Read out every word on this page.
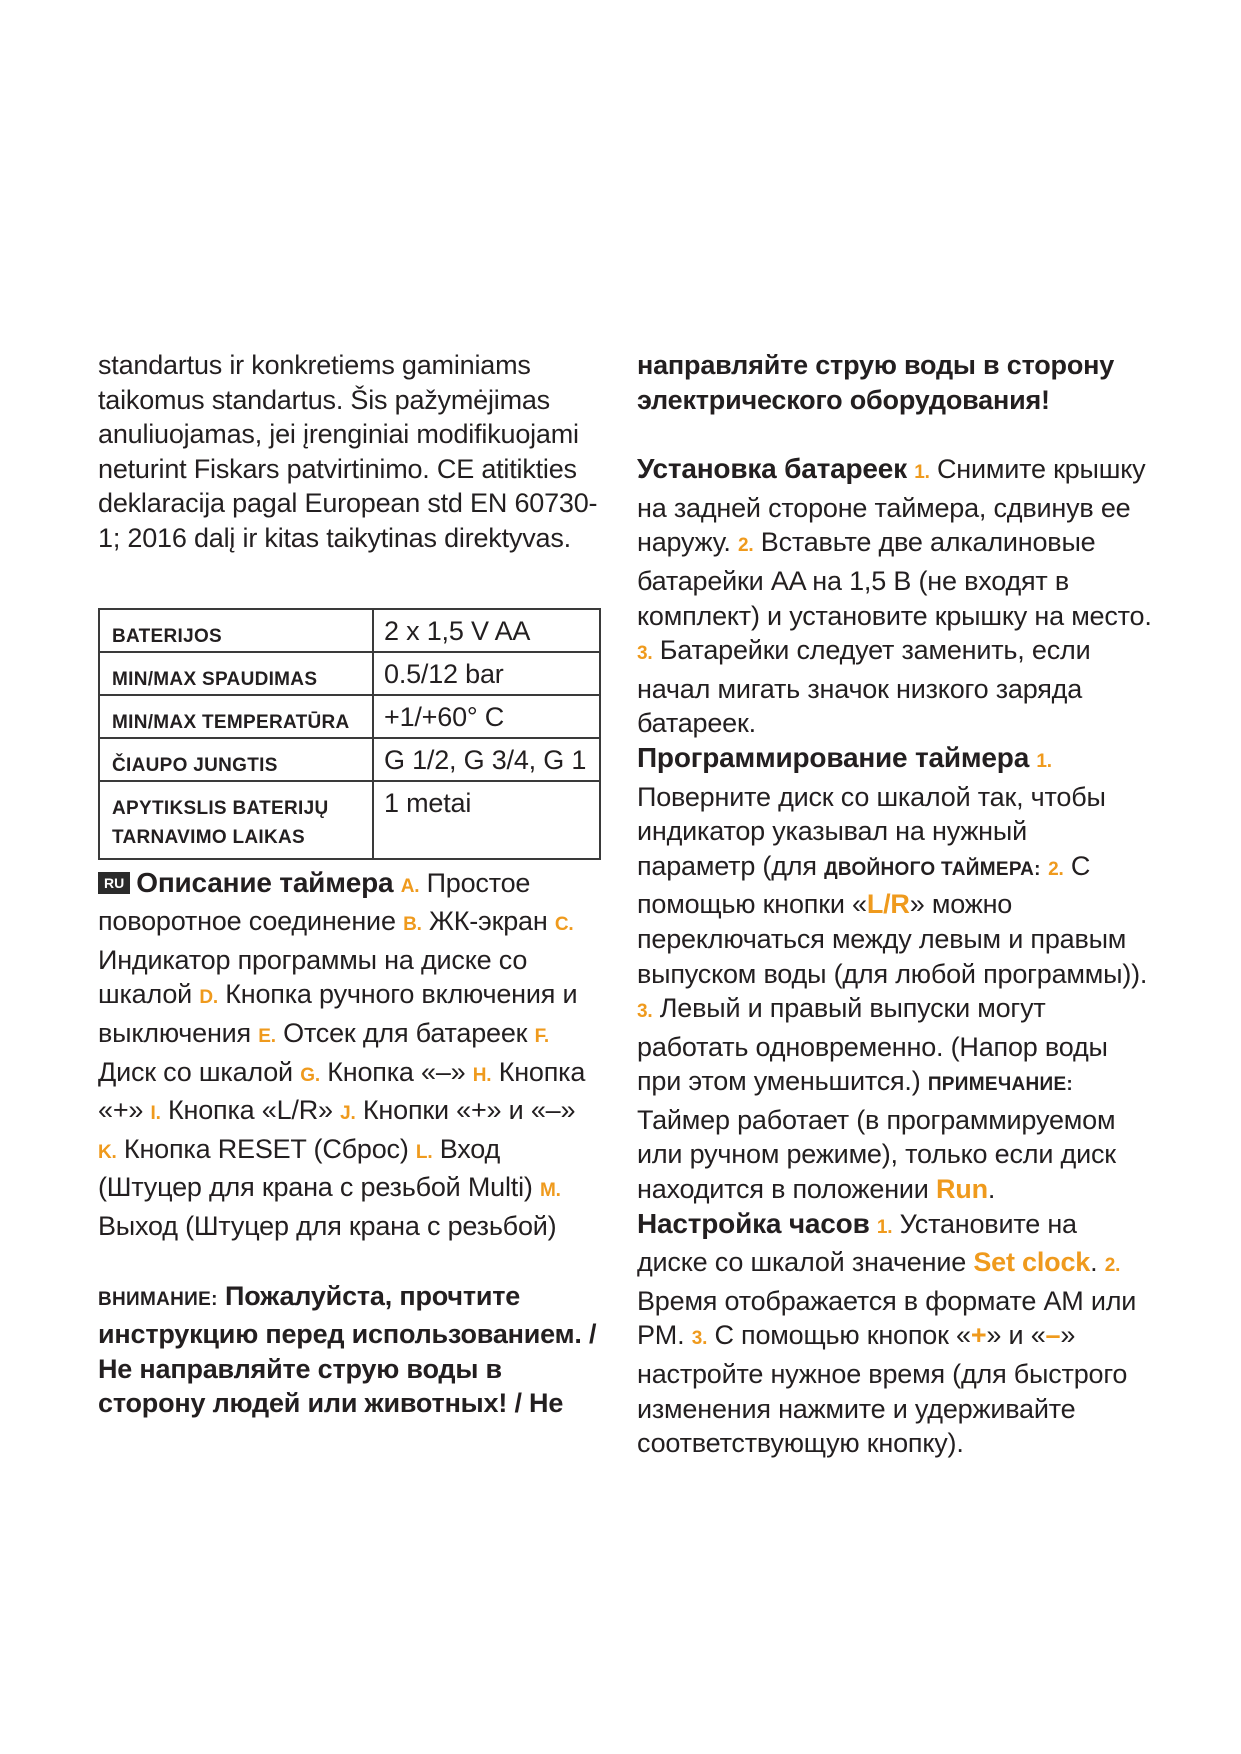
standartus ir konkretiems gaminiams taikomus standartus. Šis pažymėjimas anuliuojamas, jei įrenginiai modifikuojami neturint Fiskars patvirtinimo. CE atitikties deklaracija pagal European std EN 60730-1; 2016 dalį ir kitas taikytinas direktyvas.

BATERIJOS	2 x 1,5 V AA
MIN/MAX SPAUDIMAS	0.5/12 bar
MIN/MAX TEMPERATŪRA	+1/+60° C
ČIAUPO JUNGTIS	G 1/2, G 3/4, G 1
APYTIKSLIS BATERIJŲ TARNAVIMO LAIKAS	1 metai

RU Описание таймера A. Простое поворотное соединение B. ЖК-экран C. Индикатор программы на диске со шкалой D. Кнопка ручного включения и выключения E. Отсек для батареек F. Диск со шкалой G. Кнопка «–» H. Кнопка «+» I. Кнопка «L/R» J. Кнопки «+» и «–» K. Кнопка RESET (Сброс) L. Вход (Штуцер для крана с резьбой Multi) M. Выход (Штуцер для крана с резьбой)

ВНИМАНИЕ: Пожалуйста, прочтите инструкцию перед использованием. / Не направляйте струю воды в сторону людей или животных! / Не

направляйте струю воды в сторону электрического оборудования!

Установка батареек 1. Снимите крышку на задней стороне таймера, сдвинув ее наружу. 2. Вставьте две алкалиновые батарейки AA на 1,5 В (не входят в комплект) и установите крышку на место. 3. Батарейки следует заменить, если начал мигать значок низкого заряда батареек.

Программирование таймера 1. Поверните диск со шкалой так, чтобы индикатор указывал на нужный параметр (для ДВОЙНОГО ТАЙМЕРА: 2. С помощью кнопки «L/R» можно переключаться между левым и правым выпуском воды (для любой программы)). 3. Левый и правый выпуски могут работать одновременно. (Напор воды при этом уменьшится.) ПРИМЕЧАНИЕ: Таймер работает (в программируемом или ручном режиме), только если диск находится в положении Run.

Настройка часов 1. Установите на диске со шкалой значение Set clock. 2. Время отображается в формате AM или PM. 3. С помощью кнопок «+» и «–» настройте нужное время (для быстрого изменения нажмите и удерживайте соответствующую кнопку).
